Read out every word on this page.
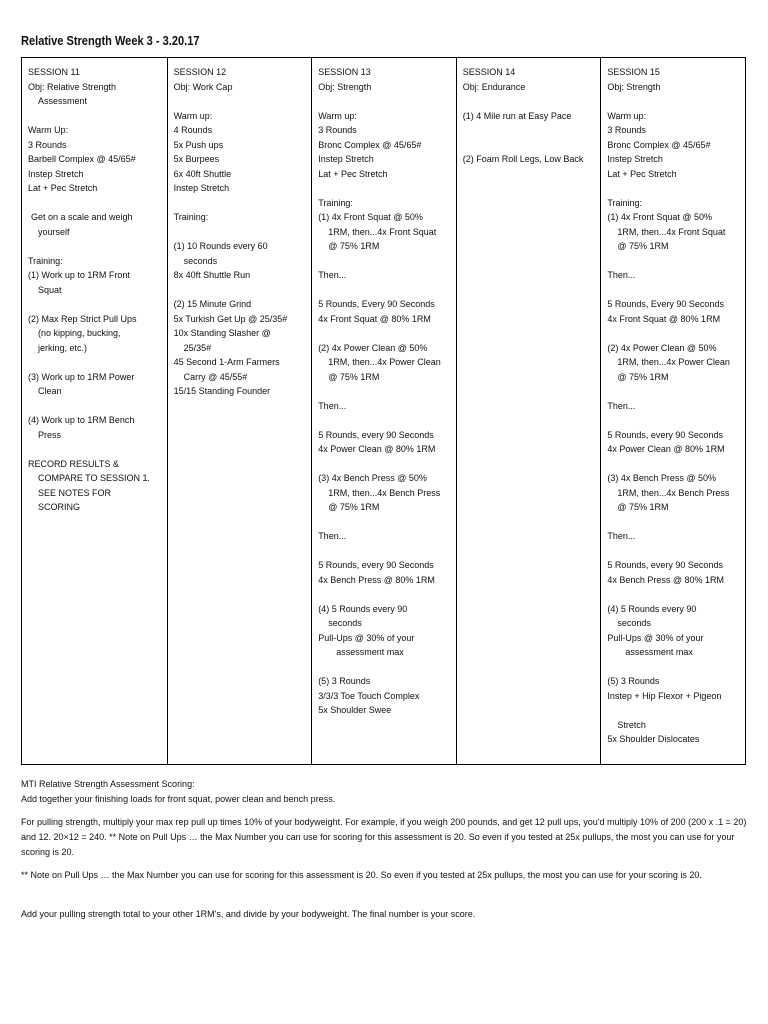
Relative Strength Week 3 - 3.20.17
SESSION 11
Obj: Relative Strength
Assessment
Warm Up:
3 Rounds
Barbell Complex @ 45/65#
Instep Stretch
Lat + Pec Stretch
Get on a scale and weigh
yourself
Training:
(1) Work up to 1RM Front
Squat
(2) Max Rep Strict Pull Ups
(no kipping, bucking,
jerking, etc.)
(3) Work up to 1RM Power
Clean
(4) Work up to 1RM Bench
Press
RECORD RESULTS &
COMPARE TO SESSION 1.
SEE NOTES FOR
SCORING
SESSION 12
Obj: Work Cap
Warm up:
4 Rounds
5x Push ups
5x Burpees
6x 40ft Shuttle
Instep Stretch
Training:
(1) 10 Rounds every 60
seconds
8x 40ft Shuttle Run
(2) 15 Minute Grind
5x Turkish Get Up @ 25/35#
10x Standing Slasher @
25/35#
45 Second 1-Arm Farmers
Carry @ 45/55#
15/15 Standing Founder
SESSION 13
Obj: Strength
Warm up:
3 Rounds
Bronc Complex @ 45/65#
Instep Stretch
Lat + Pec Stretch
Training:
(1) 4x Front Squat @ 50%
1RM, then...4x Front Squat
@ 75% 1RM
Then...
5 Rounds, Every 90 Seconds
4x Front Squat @ 80% 1RM
(2) 4x Power Clean @ 50%
1RM, then...4x Power Clean
@ 75% 1RM
Then...
5 Rounds, every 90 Seconds
4x Power Clean @ 80% 1RM
(3) 4x Bench Press @ 50%
1RM, then...4x Bench Press
@ 75% 1RM
Then...
5 Rounds, every 90 Seconds
4x Bench Press @ 80% 1RM
(4) 5 Rounds every 90
seconds
Pull-Ups @ 30% of your
assessment max
(5) 3 Rounds
3/3/3 Toe Touch Complex
5x Shoulder Swee
SESSION 14
Obj: Endurance
(1) 4 Mile run at Easy Pace
(2) Foam Roll Legs, Low Back
SESSION 15
Obj: Strength
Warm up:
3 Rounds
Bronc Complex @ 45/65#
Instep Stretch
Lat + Pec Stretch
Training:
(1) 4x Front Squat @ 50%
1RM, then...4x Front Squat
@ 75% 1RM
Then...
5 Rounds, Every 90 Seconds
4x Front Squat @ 80% 1RM
(2) 4x Power Clean @ 50%
1RM, then...4x Power Clean
@ 75% 1RM
Then...
5 Rounds, every 90 Seconds
4x Power Clean @ 80% 1RM
(3) 4x Bench Press @ 50%
1RM, then...4x Bench Press
@ 75% 1RM
Then...
5 Rounds, every 90 Seconds
4x Bench Press @ 80% 1RM
(4) 5 Rounds every 90
seconds
Pull-Ups @ 30% of your
assessment max
(5) 3 Rounds
Instep + Hip Flexor + Pigeon
Stretch
5x Shoulder Dislocates

MTI Relative Strength Assessment Scoring:

Add together your finishing loads for front squat, power clean and bench press.

For pulling strength, multiply your max rep pull up times 10% of your bodyweight. For example, if you weigh 200 pounds, and get 12 pull ups, you'd multiply 10% of 200 (200 x .1 = 20) and 12. 20×12 = 240. ** Note on Pull Ups … the Max Number you can use for scoring for this assessment is 20. So even if you tested at 25x pullups, the most you can use for your scoring is 20.

** Note on Pull Ups … the Max Number you can use for scoring for this assessment is 20. So even if you tested at 25x pullups, the most you can use for your scoring is 20.

Add your pulling strength total to your other 1RM's, and divide by your bodyweight. The final number is your score.
